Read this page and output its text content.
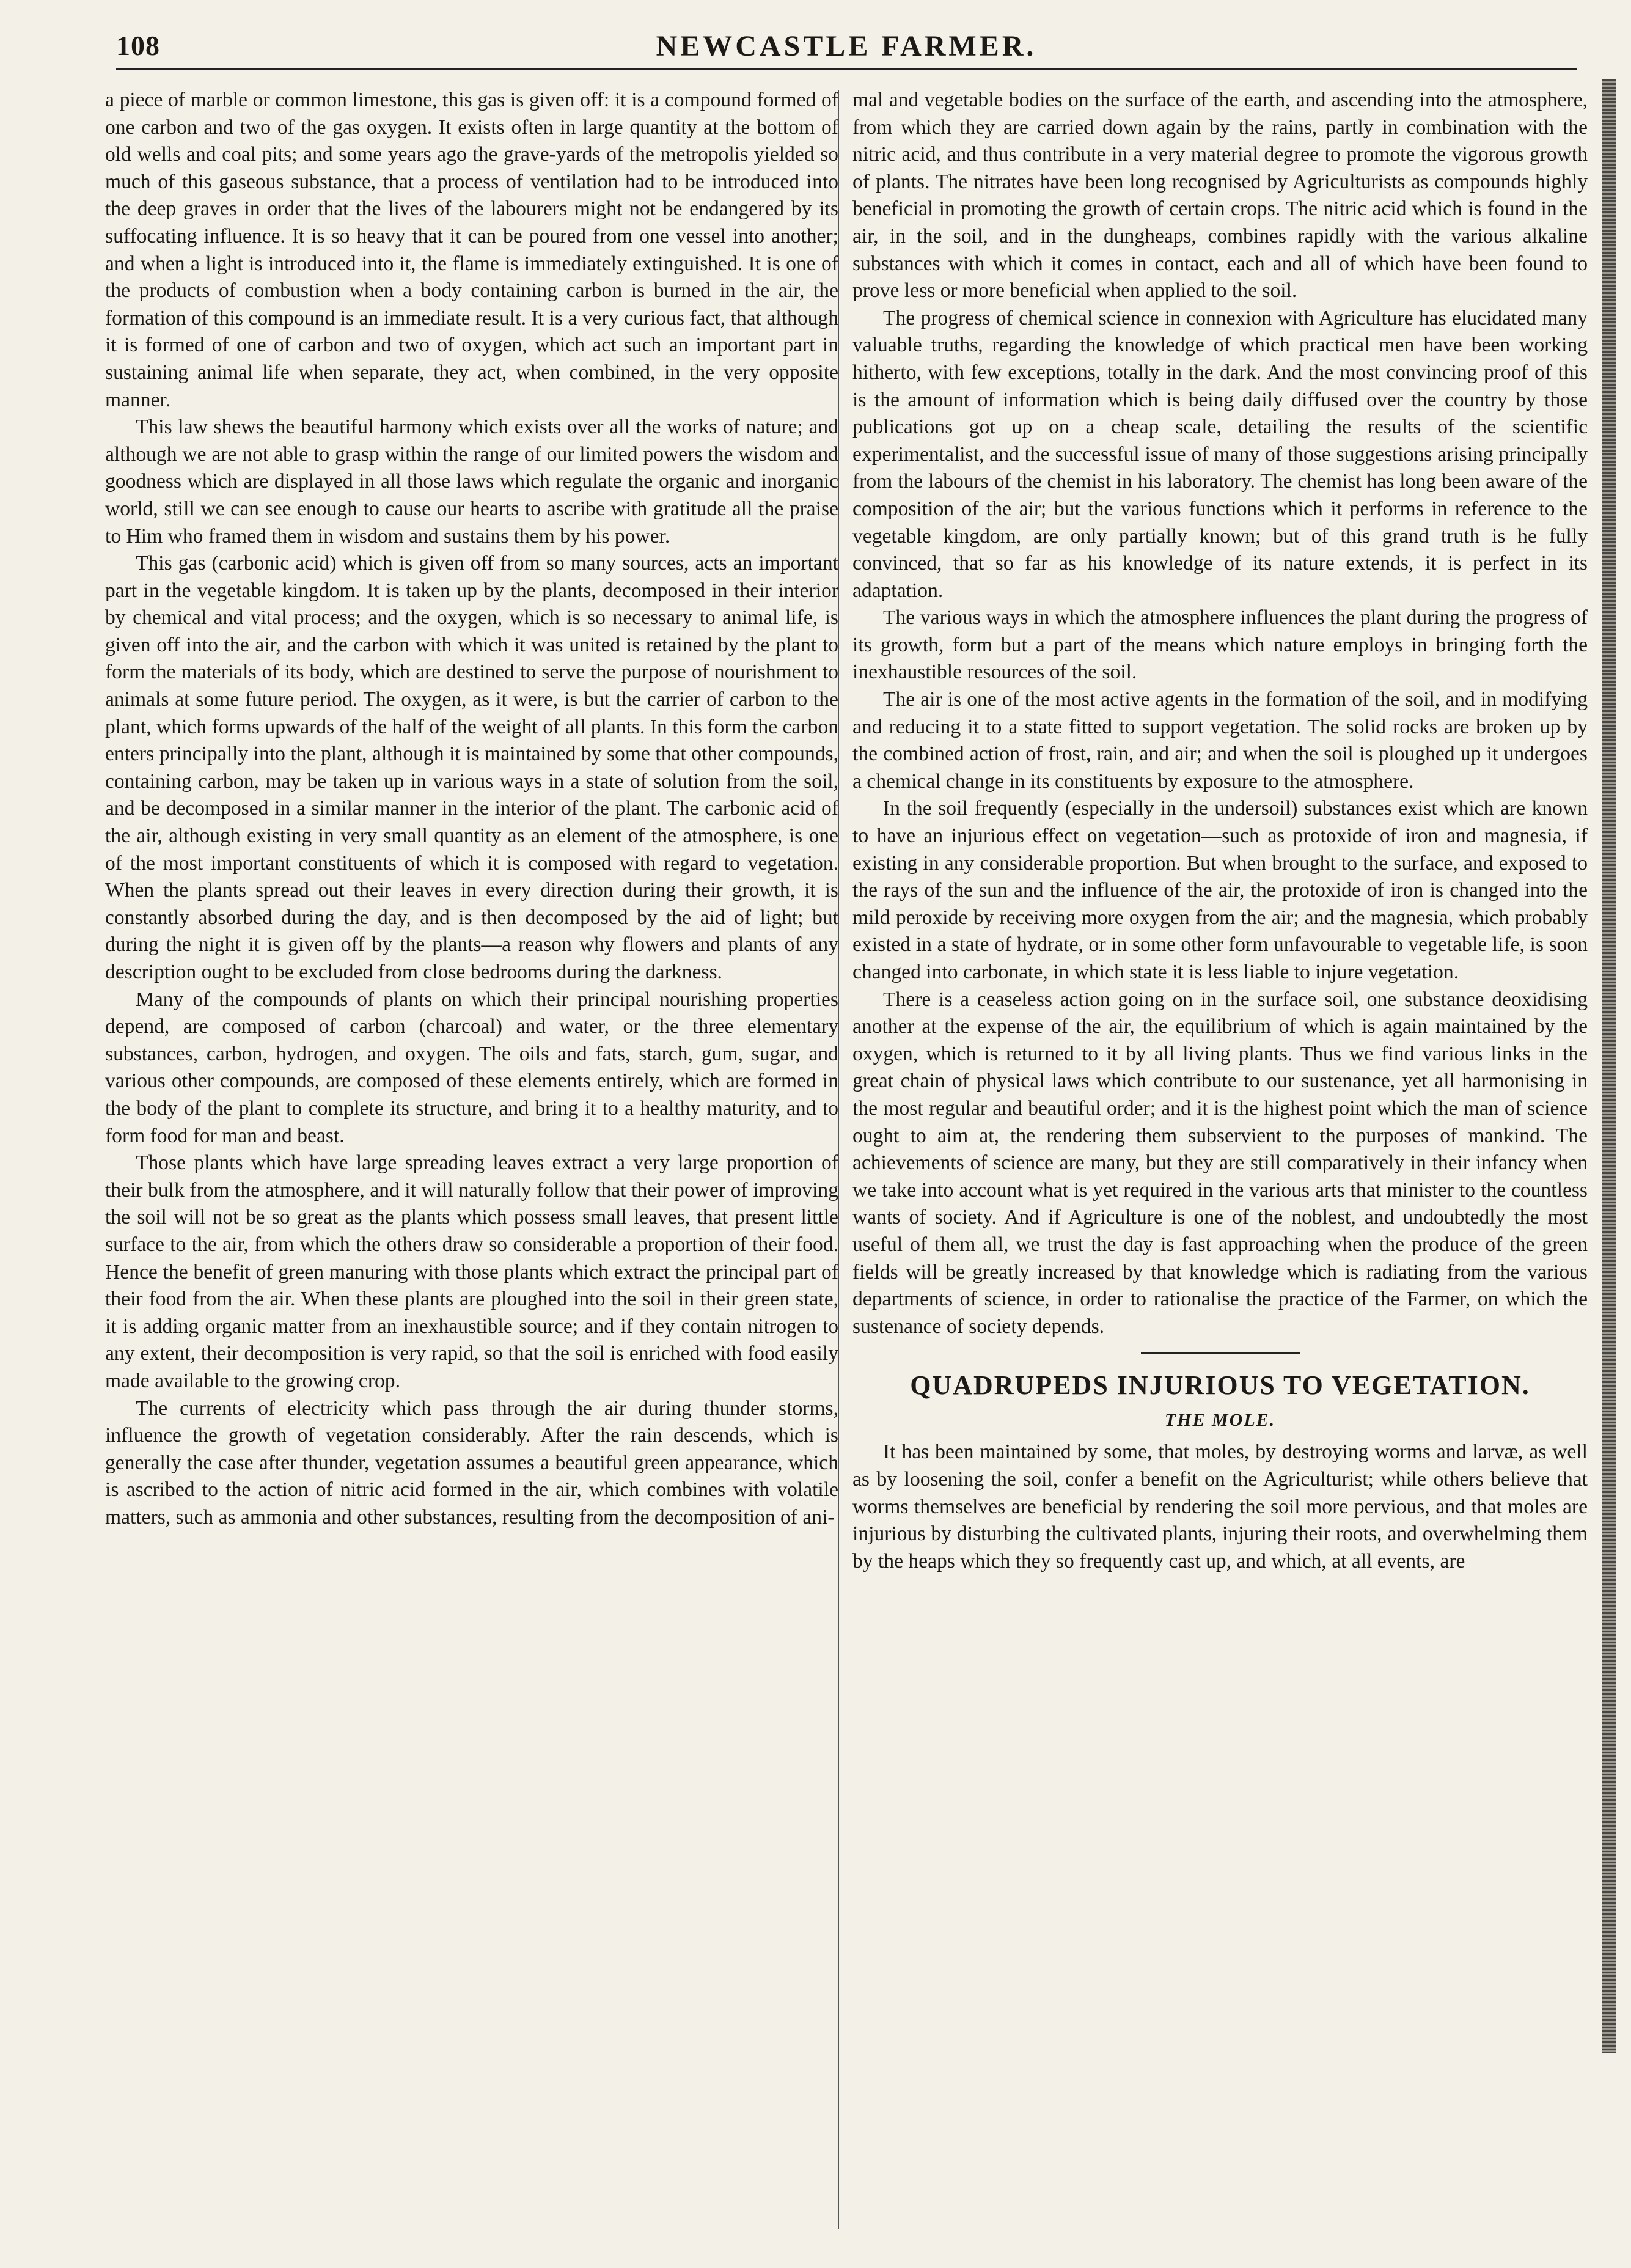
108	NEWCASTLE FARMER.

a piece of marble or common limestone, this gas is given off: it is a compound formed of one carbon and two of the gas oxygen. It exists often in large quantity at the bottom of old wells and coal pits; and some years ago the grave-yards of the metropolis yielded so much of this gaseous substance, that a process of ventilation had to be introduced into the deep graves in order that the lives of the labourers might not be endangered by its suffocating influence. It is so heavy that it can be poured from one vessel into another; and when a light is introduced into it, the flame is immediately extinguished. It is one of the products of combustion when a body containing carbon is burned in the air, the formation of this compound is an immediate result. It is a very curious fact, that although it is formed of one of carbon and two of oxygen, which act such an important part in sustaining animal life when separate, they act, when combined, in the very opposite manner.

This law shews the beautiful harmony which exists over all the works of nature; and although we are not able to grasp within the range of our limited powers the wisdom and goodness which are displayed in all those laws which regulate the organic and inorganic world, still we can see enough to cause our hearts to ascribe with gratitude all the praise to Him who framed them in wisdom and sustains them by his power.

This gas (carbonic acid) which is given off from so many sources, acts an important part in the vegetable kingdom. It is taken up by the plants, decomposed in their interior by chemical and vital process; and the oxygen, which is so necessary to animal life, is given off into the air, and the carbon with which it was united is retained by the plant to form the materials of its body, which are destined to serve the purpose of nourishment to animals at some future period. The oxygen, as it were, is but the carrier of carbon to the plant, which forms upwards of the half of the weight of all plants. In this form the carbon enters principally into the plant, although it is maintained by some that other compounds, containing carbon, may be taken up in various ways in a state of solution from the soil, and be decomposed in a similar manner in the interior of the plant. The carbonic acid of the air, although existing in very small quantity as an element of the atmosphere, is one of the most important constituents of which it is composed with regard to vegetation. When the plants spread out their leaves in every direction during their growth, it is constantly absorbed during the day, and is then decomposed by the aid of light; but during the night it is given off by the plants—a reason why flowers and plants of any description ought to be excluded from close bedrooms during the darkness.

Many of the compounds of plants on which their principal nourishing properties depend, are composed of carbon (charcoal) and water, or the three elementary substances, carbon, hydrogen, and oxygen. The oils and fats, starch, gum, sugar, and various other compounds, are composed of these elements entirely, which are formed in the body of the plant to complete its structure, and bring it to a healthy maturity, and to form food for man and beast.

Those plants which have large spreading leaves extract a very large proportion of their bulk from the atmosphere, and it will naturally follow that their power of improving the soil will not be so great as the plants which possess small leaves, that present little surface to the air, from which the others draw so considerable a proportion of their food. Hence the benefit of green manuring with those plants which extract the principal part of their food from the air. When these plants are ploughed into the soil in their green state, it is adding organic matter from an inexhaustible source; and if they contain nitrogen to any extent, their decomposition is very rapid, so that the soil is enriched with food easily made available to the growing crop.

The currents of electricity which pass through the air during thunder storms, influence the growth of vegetation considerably. After the rain descends, which is generally the case after thunder, vegetation assumes a beautiful green appearance, which is ascribed to the action of nitric acid formed in the air, which combines with volatile matters, such as ammonia and other substances, resulting from the decomposition of ani-

mal and vegetable bodies on the surface of the earth, and ascending into the atmosphere, from which they are carried down again by the rains, partly in combination with the nitric acid, and thus contribute in a very material degree to promote the vigorous growth of plants. The nitrates have been long recognised by Agriculturists as compounds highly beneficial in promoting the growth of certain crops. The nitric acid which is found in the air, in the soil, and in the dungheaps, combines rapidly with the various alkaline substances with which it comes in contact, each and all of which have been found to prove less or more beneficial when applied to the soil.

The progress of chemical science in connexion with Agriculture has elucidated many valuable truths, regarding the knowledge of which practical men have been working hitherto, with few exceptions, totally in the dark. And the most convincing proof of this is the amount of information which is being daily diffused over the country by those publications got up on a cheap scale, detailing the results of the scientific experimentalist, and the successful issue of many of those suggestions arising principally from the labours of the chemist in his laboratory. The chemist has long been aware of the composition of the air; but the various functions which it performs in reference to the vegetable kingdom, are only partially known; but of this grand truth is he fully convinced, that so far as his knowledge of its nature extends, it is perfect in its adaptation.

The various ways in which the atmosphere influences the plant during the progress of its growth, form but a part of the means which nature employs in bringing forth the inexhaustible resources of the soil.

The air is one of the most active agents in the formation of the soil, and in modifying and reducing it to a state fitted to support vegetation. The solid rocks are broken up by the combined action of frost, rain, and air; and when the soil is ploughed up it undergoes a chemical change in its constituents by exposure to the atmosphere.

In the soil frequently (especially in the undersoil) substances exist which are known to have an injurious effect on vegetation—such as protoxide of iron and magnesia, if existing in any considerable proportion. But when brought to the surface, and exposed to the rays of the sun and the influence of the air, the protoxide of iron is changed into the mild peroxide by receiving more oxygen from the air; and the magnesia, which probably existed in a state of hydrate, or in some other form unfavourable to vegetable life, is soon changed into carbonate, in which state it is less liable to injure vegetation.

There is a ceaseless action going on in the surface soil, one substance deoxidising another at the expense of the air, the equilibrium of which is again maintained by the oxygen, which is returned to it by all living plants. Thus we find various links in the great chain of physical laws which contribute to our sustenance, yet all harmonising in the most regular and beautiful order; and it is the highest point which the man of science ought to aim at, the rendering them subservient to the purposes of mankind. The achievements of science are many, but they are still comparatively in their infancy when we take into account what is yet required in the various arts that minister to the countless wants of society. And if Agriculture is one of the noblest, and undoubtedly the most useful of them all, we trust the day is fast approaching when the produce of the green fields will be greatly increased by that knowledge which is radiating from the various departments of science, in order to rationalise the practice of the Farmer, on which the sustenance of society depends.

QUADRUPEDS INJURIOUS TO VEGETATION.
THE MOLE.

It has been maintained by some, that moles, by destroying worms and larvæ, as well as by loosening the soil, confer a benefit on the Agriculturist; while others believe that worms themselves are beneficial by rendering the soil more pervious, and that moles are injurious by disturbing the cultivated plants, injuring their roots, and overwhelming them by the heaps which they so frequently cast up, and which, at all events, are
